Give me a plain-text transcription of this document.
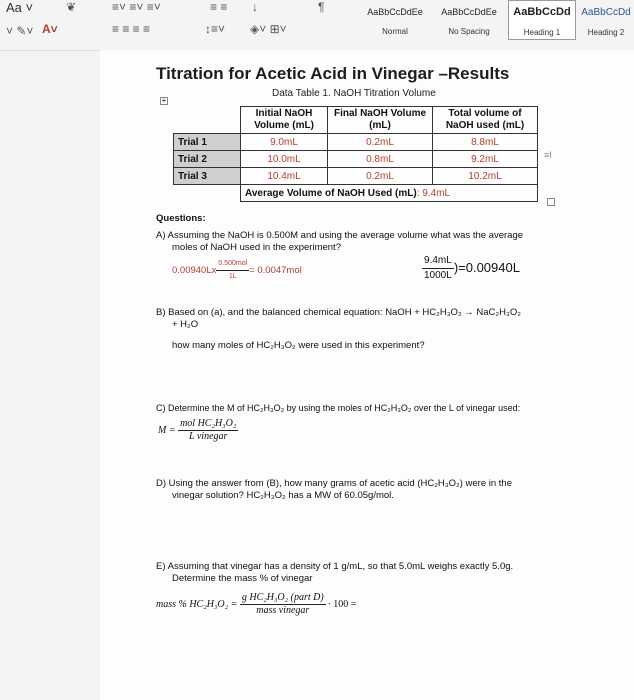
Aa ˅	❦
˅ ✎˅ A˅
≡˅ ≡˅ ≡˅	≡ ≡ ↓	¶
≡ ≡ ≡ ≡	↕≡˅ ◈˅ ⊞˅
AaBbCcDdEe
Normal
AaBbCcDdEe
No Spacing
AaBbCcDd
Heading 1
AaBbCcDd
Heading 2
Titration for Acetic Acid in Vinegar –Results
Data Table 1. NaOH Titration Volume
+
	Initial NaOH Volume (mL)	Final NaOH Volume (mL)	Total volume of NaOH used (mL)
Trial 1	9.0mL	0.2mL	8.8mL
Trial 2	10.0mL	0.8mL	9.2mL
Trial 3	10.4mL	0.2mL	10.2mL
	Average Volume of NaOH Used (mL): 9.4mL		
≡I
Questions:
A) Assuming the NaOH is 0.500M and using the average volume what was the average
moles of NaOH used in the experiment?
$0.00940Lx \frac{\text{0.500mol}}{1L} = 0.0047mol$	$\frac{9.4mL}{1000L} )=0.00940L$
B) Based on (a), and the balanced chemical equation: NaOH + HC₂H₃O₂ → NaC₂H₃O₂
+ H₂O
how many moles of HC₂H₃O₂ were used in this experiment?
C) Determine the M of HC₂H₃O₂ by using the moles of HC₂H₃O₂ over the L of vinegar used:
$M = \frac{\text{mol HC₂H₃O₂}}{\text{L vinegar}}$
D) Using the answer from (B), how many grams of acetic acid (HC₂H₃O₂) were in the
vinegar solution? HC₂H₃O₂ has a MW of 60.05g/mol.
E) Assuming that vinegar has a density of 1 g/mL, so that 5.0mL weighs exactly 5.0g.
Determine the mass % of vinegar
mass % $HC_2H_3O_2 = \frac{\text{g HC₂H₃O₂ (part D)}}{\text{mass vinegar}} \cdot 100$ =
